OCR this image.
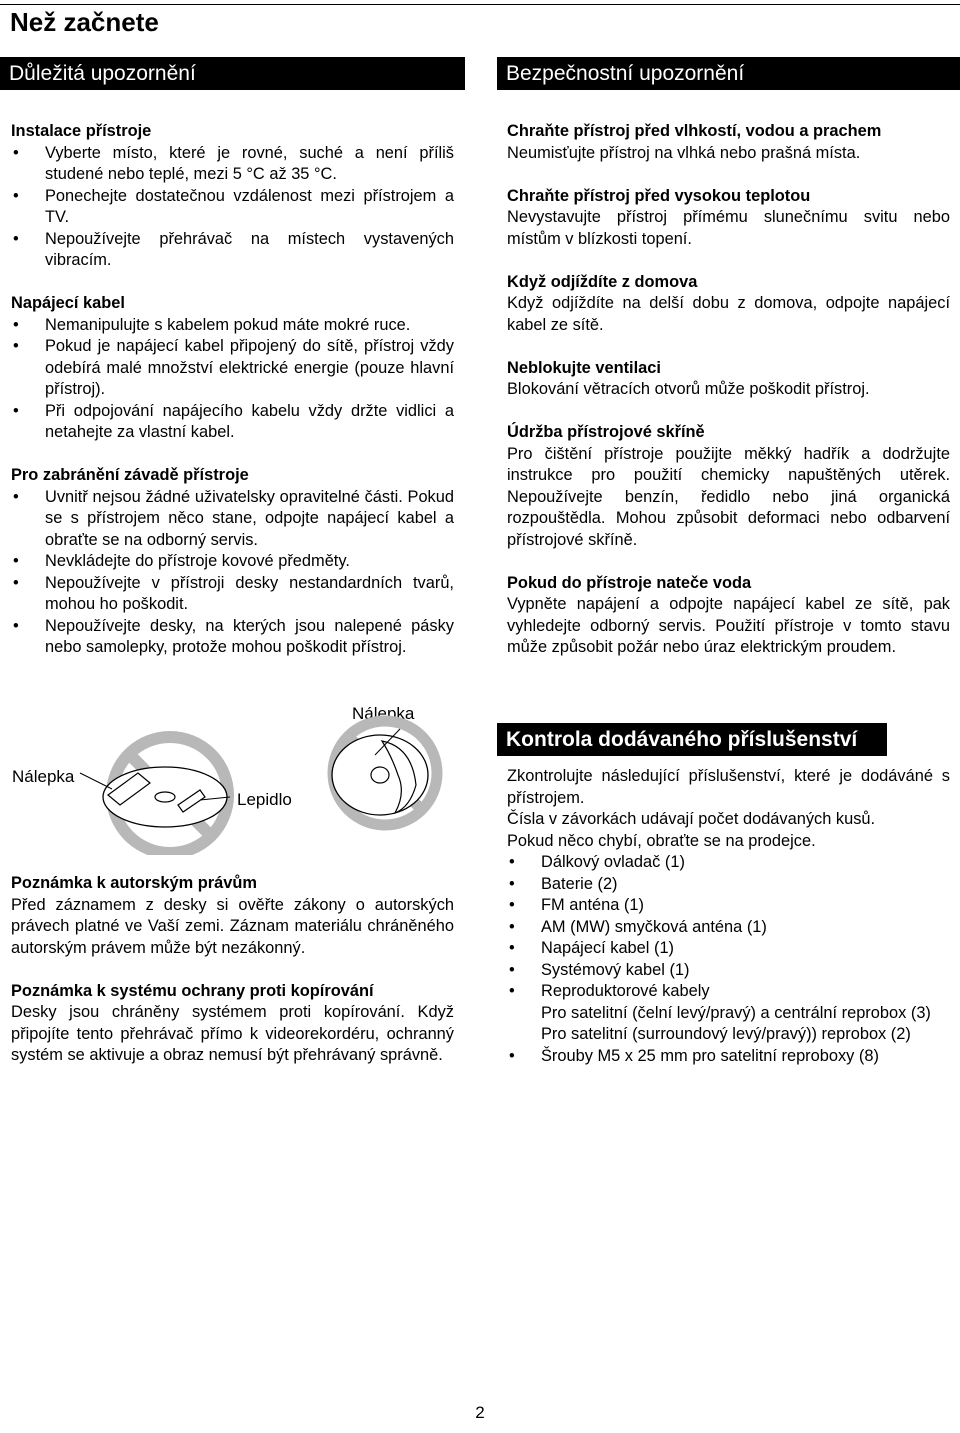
Než začnete
Důležitá upozornění	Bezpečnostní upozornění

Instalace přístroje

• Vyberte místo, které je rovné, suché a není příliš studené nebo teplé, mezi 5 °C až 35 °C.
• Ponechejte dostatečnou vzdálenost mezi přístrojem a TV.
• Nepoužívejte přehrávač na místech vystavených vibracím.

Napájecí kabel

• Nemanipulujte s kabelem pokud máte mokré ruce.
• Pokud je napájecí kabel připojený do sítě, přístroj vždy odebírá malé množství elektrické energie (pouze hlavní přístroj).
• Při odpojování napájecího kabelu vždy držte vidlici a netahejte za vlastní kabel.

Pro zabránění závadě přístroje

• Uvnitř nejsou žádné uživatelsky opravitelné části. Pokud se s přístrojem něco stane, odpojte napájecí kabel a obraťte se na odborný servis.
• Nevkládejte do přístroje kovové předměty.
• Nepoužívejte v přístroji desky nestandardních tvarů, mohou ho poškodit.
• Nepoužívejte desky, na kterých jsou nalepené pásky nebo samolepky, protože mohou poškodit přístroj.
Nálepka
Lepidlo
Nálepka

Poznámka k autorským právům

Před záznamem z desky si ověřte zákony o autorských právech platné ve Vaší zemi. Záznam materiálu chráněného autorským právem může být nezákonný.

Poznámka k systému ochrany proti kopírování

Desky jsou chráněny systémem proti kopírování. Když připojíte tento přehrávač přímo k videorekordéru, ochranný systém se aktivuje a obraz nemusí být přehrávaný správně.

Chraňte přístroj před vlhkostí, vodou a prachem

Neumisťujte přístroj na vlhká nebo prašná místa.

Chraňte přístroj před vysokou teplotou

Nevystavujte přístroj přímému slunečnímu svitu nebo místům v blízkosti topení.

Když odjíždíte z domova

Když odjíždíte na delší dobu z domova, odpojte napájecí kabel ze sítě.

Neblokujte ventilaci

Blokování větracích otvorů může poškodit přístroj.

Údržba přístrojové skříně

Pro čištění přístroje použijte měkký hadřík a dodržujte instrukce pro použití chemicky napuštěných utěrek. Nepoužívejte benzín, ředidlo nebo jiná organická rozpouštědla. Mohou způsobit deformaci nebo odbarvení přístrojové skříně.

Pokud do přístroje nateče voda

Vypněte napájení a odpojte napájecí kabel ze sítě, pak vyhledejte odborný servis. Použití přístroje v tomto stavu může způsobit požár nebo úraz elektrickým proudem.

Kontrola dodávaného příslušenství

Zkontrolujte následující příslušenství, které je dodáváné s přístrojem.

Čísla v závorkách udávají počet dodávaných kusů.

Pokud něco chybí, obraťte se na prodejce.

• Dálkový ovladač (1)
• Baterie (2)
• FM anténa (1)
• AM (MW) smyčková anténa (1)
• Napájecí kabel (1)
• Systémový kabel (1)
• Reproduktorové kabely

Pro satelitní (čelní levý/pravý) a centrální reprobox (3)

Pro satelitní (surroundový levý/pravý)) reprobox (2)

• Šrouby M5 x 25 mm pro satelitní reproboxy (8)
2
